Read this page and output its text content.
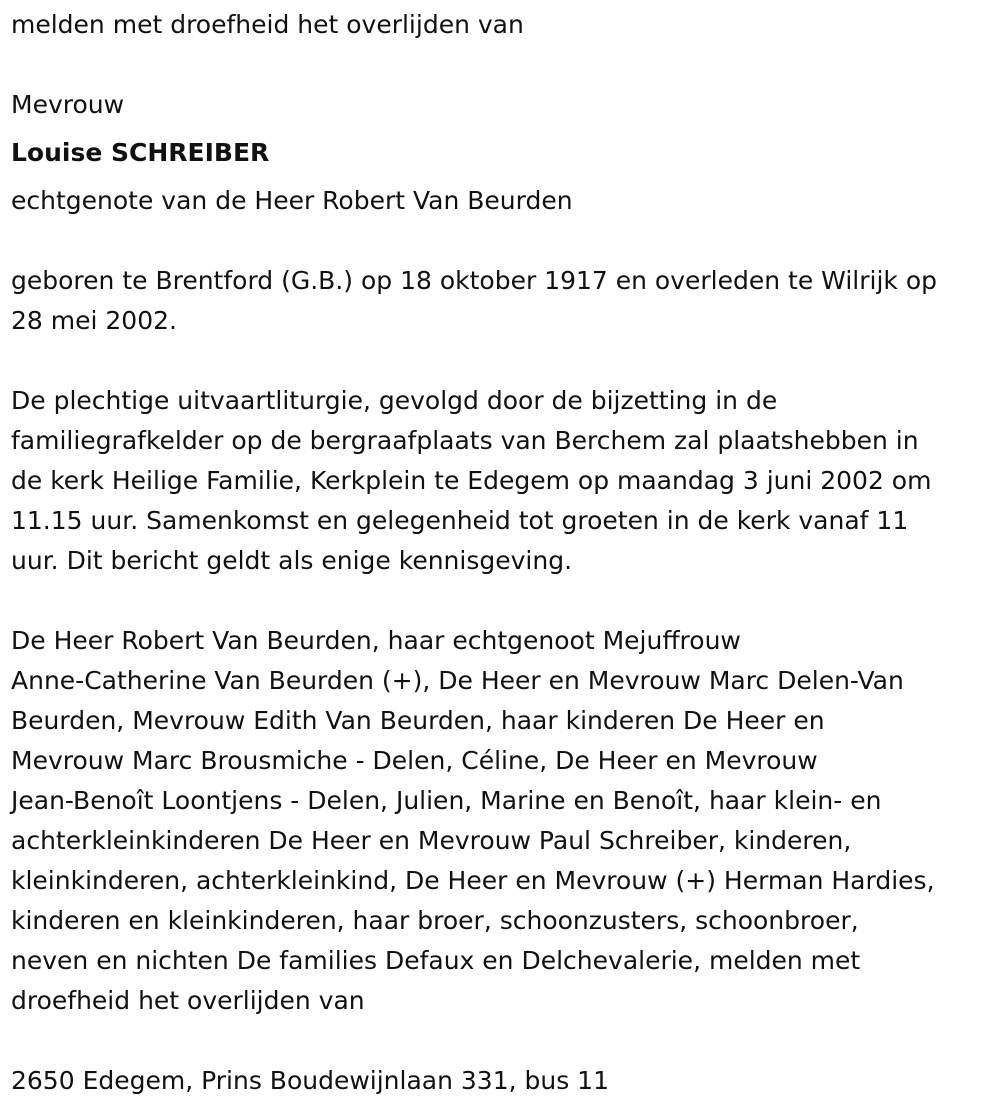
melden met droefheid het overlijden van

Mevrouw

Louise SCHREIBER

echtgenote van de Heer Robert Van Beurden

geboren te Brentford (G.B.) op 18 oktober 1917 en overleden te Wilrijk op

28 mei 2002.

De plechtige uitvaartliturgie, gevolgd door de bijzetting in de

familiegrafkelder op de bergraafplaats van Berchem zal plaatshebben in

de kerk Heilige Familie, Kerkplein te Edegem op maandag 3 juni 2002 om

11.15 uur. Samenkomst en gelegenheid tot groeten in de kerk vanaf 11

uur. Dit bericht geldt als enige kennisgeving.

De Heer Robert Van Beurden, haar echtgenoot Mejuffrouw

Anne-Catherine Van Beurden (+), De Heer en Mevrouw Marc Delen-Van

Beurden, Mevrouw Edith Van Beurden, haar kinderen De Heer en

Mevrouw Marc Brousmiche - Delen, Céline, De Heer en Mevrouw

Jean-Benoît Loontjens - Delen, Julien, Marine en Benoît, haar klein- en

achterkleinkinderen De Heer en Mevrouw Paul Schreiber, kinderen,

kleinkinderen, achterkleinkind, De Heer en Mevrouw (+) Herman Hardies,

kinderen en kleinkinderen, haar broer, schoonzusters, schoonbroer,

neven en nichten De families Defaux en Delchevalerie, melden met

droefheid het overlijden van

2650 Edegem, Prins Boudewijnlaan 331, bus 11
